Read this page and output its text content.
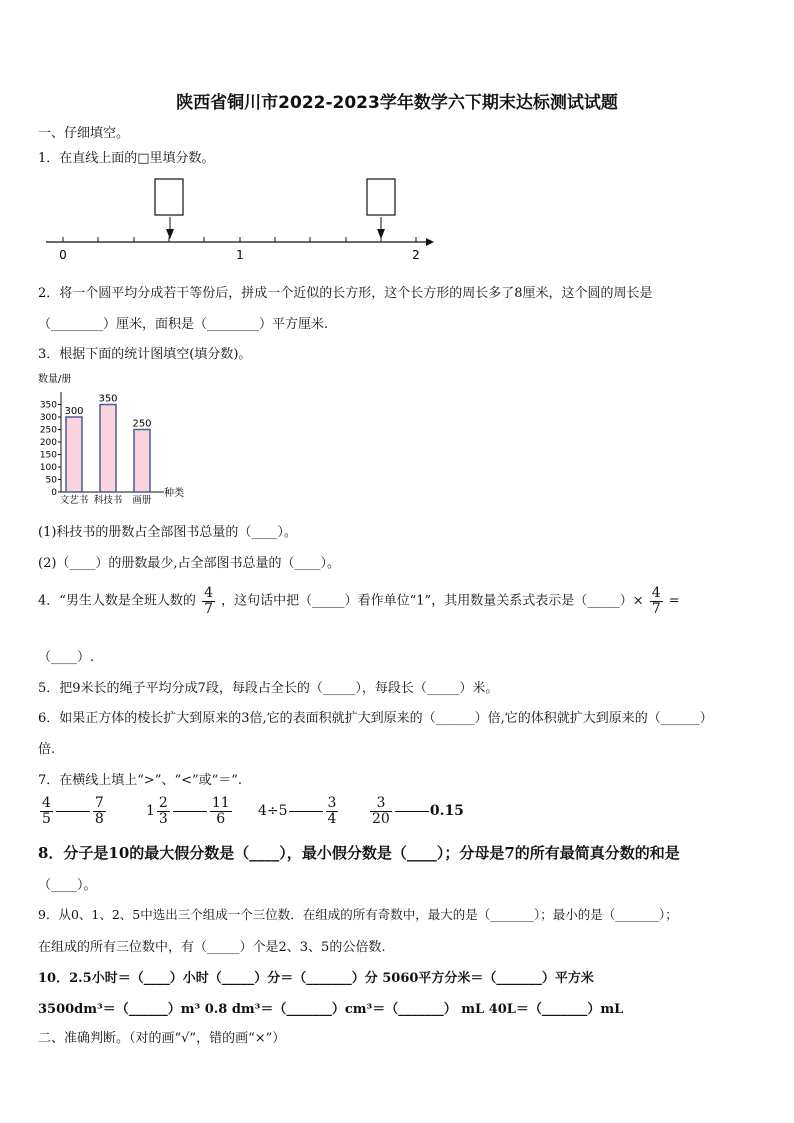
陕西省铜川市2022-2023学年数学六下期末达标测试试题
一、仔细填空。
1．在直线上面的□里填分数。
0	1	2
2．将一个圆平均分成若干等份后，拼成一个近似的长方形，这个长方形的周长多了8厘米，这个圆的周长是
（________）厘米，面积是（________）平方厘米.
3．根据下面的统计图填空(填分数)。
数量/册
种类
0
50
100
150
200
250
300
350
300
文艺书
350
科技书
250
画册
(1)科技书的册数占全部图书总量的（____）。
(2)（____）的册数最少,占全部图书总量的（____）。
4．“男生人数是全班人数的 $\frac{4}{7}$ ，这句话中把（_____）看作单位“1”，其用数量关系式表示是（_____）× $\frac{4}{7}$ =
（____）.
5．把9米长的绳子平均分成7段，每段占全长的（_____），每段长（_____）米。
6．如果正方体的棱长扩大到原来的3倍,它的表面积就扩大到原来的（______）倍,它的体积就扩大到原来的（______）
倍.
7．在横线上填上“>”、“<”或“＝”.
$\frac{4}{5}$	$\frac{7}{8}$	$1 \frac{2}{3}$	$\frac{11}{6} 4\div 5$	$\frac{3}{4} \frac{3}{20}$	0.15
8．分子是10的最大假分数是（____），最小假分数是（____）；分母是7的所有最简真分数的和是
（____）。
9．从0、1、2、5中选出三个组成一个三位数．在组成的所有奇数中，最大的是（_______）；最小的是（_______）；
在组成的所有三位数中，有（_____）个是2、3、5的公倍数.
10．2.5小时＝（____）小时（_____）分＝（_______）分 5060平方分米＝（_______）平方米
3500dm³＝（______）m³ 0.8 dm³＝（_______）cm³＝（_______） mL 40L＝（_______）mL
二、准确判断。（对的画“√”，错的画“×”）
